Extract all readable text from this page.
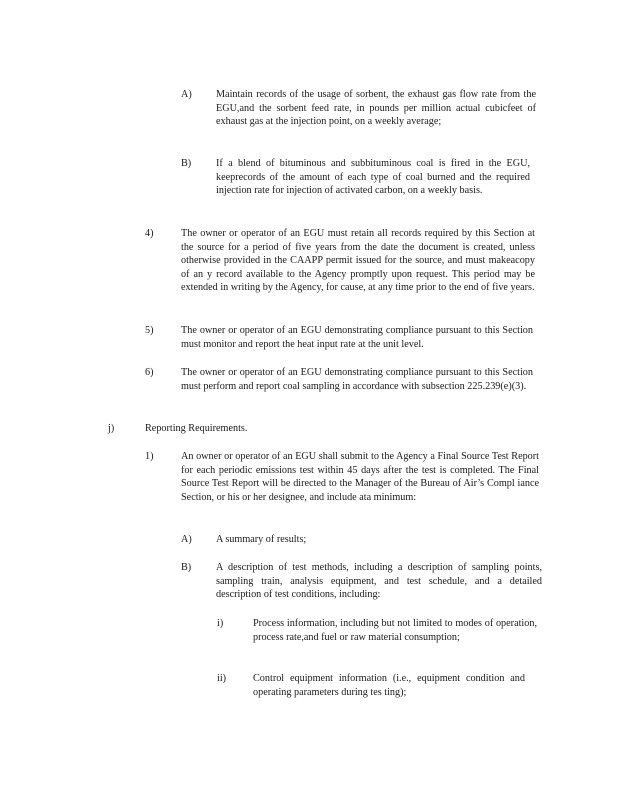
A) Maintain records of the usage of sorbent, the exhaust gas flow rate from the EGU,and the sorbent feed rate, in pounds per million actual cubicfeet of exhaust gas at the injection point, on a weekly average;
B) If a blend of bituminous and subbituminous coal is fired in the EGU, keeprecords of the amount of each type of coal burned and the required injection rate for injection of activated carbon, on a weekly basis.
4)	The owner or operator of an EGU must retain all records required by this Section at the source for a period of five years from the date the document is created, unless otherwise provided in the CAAPP permit issued for the source, and must makeacopy of an y record available to the Agency promptly upon request. This period may be extended in writing by the Agency, for cause, at any time prior to the end of five years.
5)	The owner or operator of an EGU demonstrating compliance pursuant to this Section must monitor and report the heat input rate at the unit level.
6)	The owner or operator of an EGU demonstrating compliance pursuant to this Section must perform and report coal sampling in accordance with subsection 225.239(e)(3).
j)	Reporting Requirements.
1)	An owner or operator of an EGU shall submit to the Agency a Final Source Test Report for each periodic emissions test within 45 days after the test is completed. The Final Source Test Report will be directed to the Manager of the Bureau of Air’s Compl iance Section, or his or her designee, and include ata minimum:
A) A summary of results;
B) A description of test methods, including a description of sampling points, sampling train, analysis equipment, and test schedule, and a detailed description of test conditions, including:
i)	Process information, including but not limited to modes of operation, process rate,and fuel or raw material consumption;
ii)	Control equipment information (i.e., equipment condition and operating parameters during tes ting);
